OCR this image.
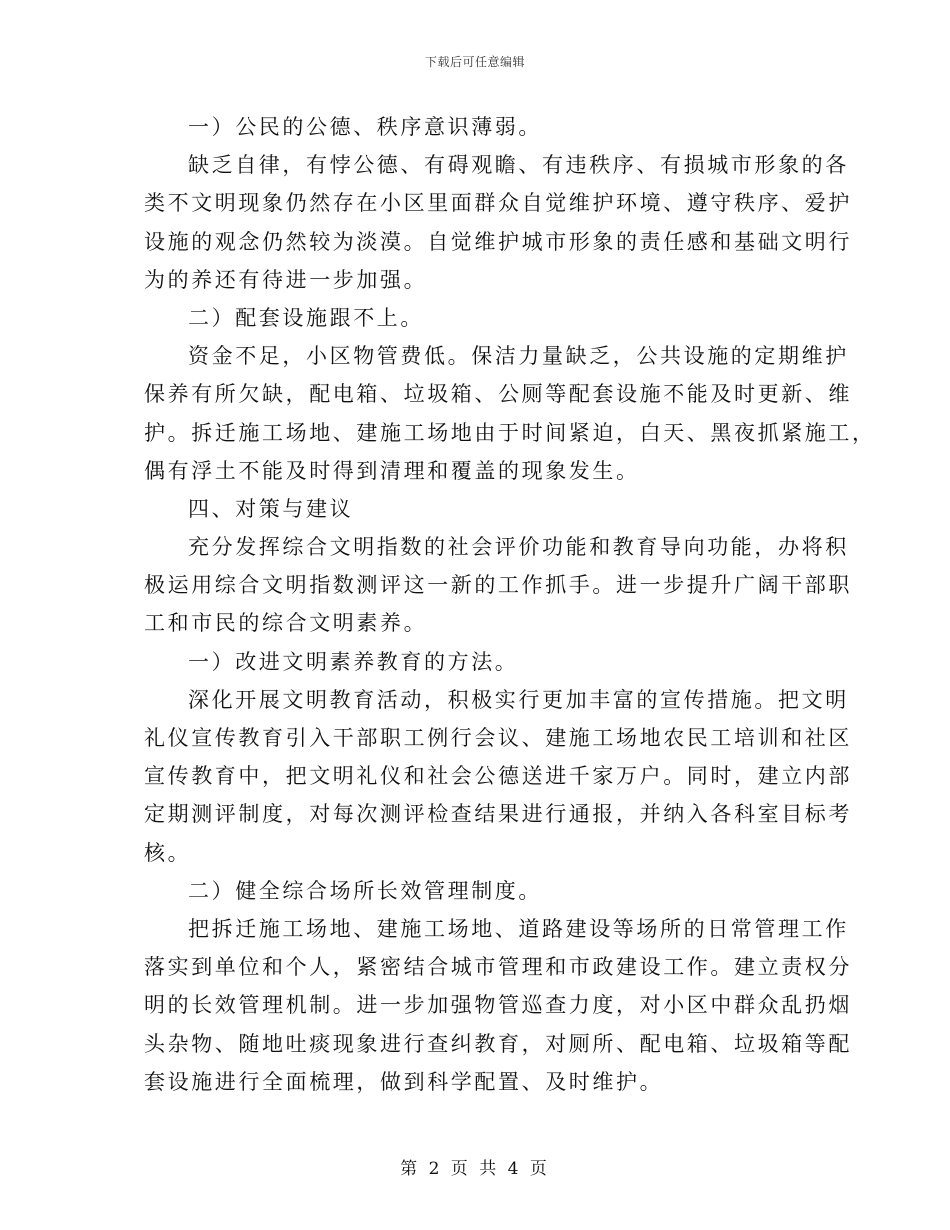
下载后可任意编辑
一）公民的公德、秩序意识薄弱。
缺乏自律，有悖公德、有碍观瞻、有违秩序、有损城市形象的各
类不文明现象仍然存在小区里面群众自觉维护环境、遵守秩序、爱护
设施的观念仍然较为淡漠。自觉维护城市形象的责任感和基础文明行
为的养还有待进一步加强。
二）配套设施跟不上。
资金不足，小区物管费低。保洁力量缺乏，公共设施的定期维护
保养有所欠缺，配电箱、垃圾箱、公厕等配套设施不能及时更新、维
护。拆迁施工场地、建施工场地由于时间紧迫，白天、黑夜抓紧施工，
偶有浮土不能及时得到清理和覆盖的现象发生。
四、对策与建议
充分发挥综合文明指数的社会评价功能和教育导向功能，办将积
极运用综合文明指数测评这一新的工作抓手。进一步提升广阔干部职
工和市民的综合文明素养。
一）改进文明素养教育的方法。
深化开展文明教育活动，积极实行更加丰富的宣传措施。把文明
礼仪宣传教育引入干部职工例行会议、建施工场地农民工培训和社区
宣传教育中，把文明礼仪和社会公德送进千家万户。同时，建立内部
定期测评制度，对每次测评检查结果进行通报，并纳入各科室目标考
核。
二）健全综合场所长效管理制度。
把拆迁施工场地、建施工场地、道路建设等场所的日常管理工作
落实到单位和个人，紧密结合城市管理和市政建设工作。建立责权分
明的长效管理机制。进一步加强物管巡查力度，对小区中群众乱扔烟
头杂物、随地吐痰现象进行查纠教育，对厕所、配电箱、垃圾箱等配
套设施进行全面梳理，做到科学配置、及时维护。
第 2 页 共 4 页
